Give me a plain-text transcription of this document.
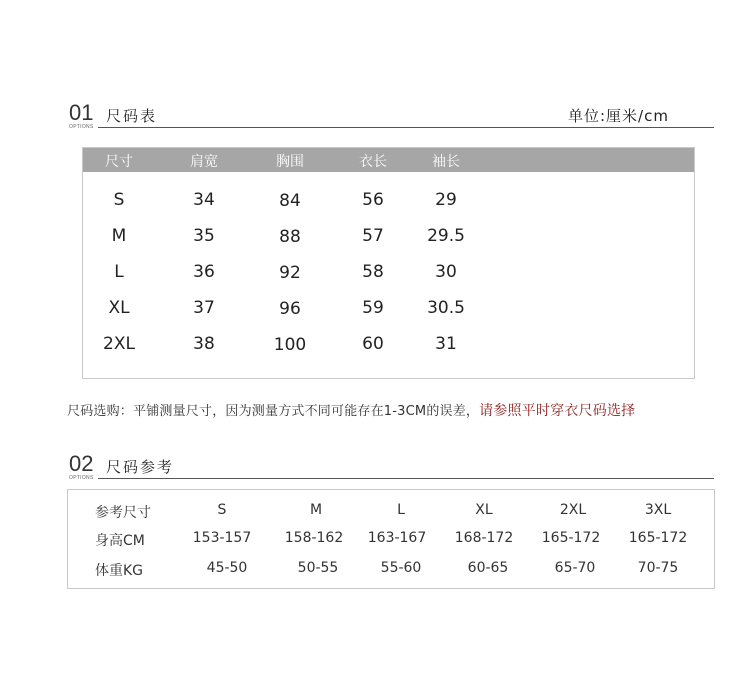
01
OPTIONS
尺码表	单位:厘米/cm
尺寸	肩宽	胸围	衣长	袖长
S	34	84	56	29
M	35	88	57	29.5
L	36	92	58	30
XL	37	96	59	30.5
2XL	38	100	60	31
尺码选购：平铺测量尺寸，因为测量方式不同可能存在1-3CM的误差，请参照平时穿衣尺码选择
02
OPTIONS
尺码参考
参考尺寸	S	M	L	XL	2XL	3XL
身高CM	153-157 158-162 163-167 168-172 165-172 165-172
体重KG	45-50	50-55	55-60	60-65	65-70	70-75
